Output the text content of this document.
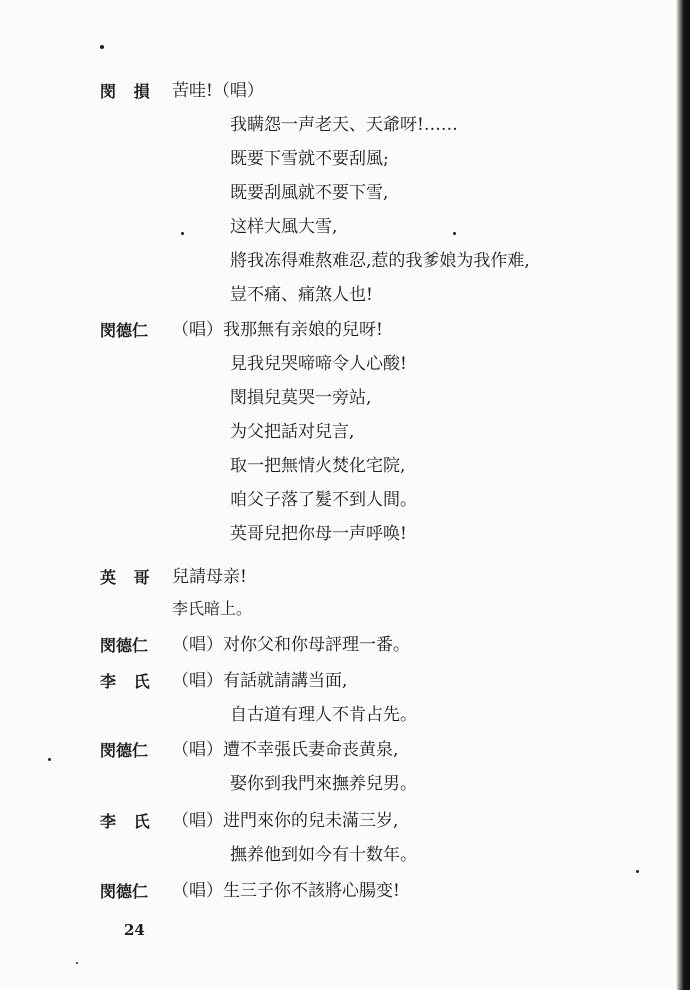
閔 損 苦哇!（唱）
我瞒怨一声老天、天爺呀!……
既要下雪就不要刮風;
既要刮風就不要下雪,
这样大風大雪,
將我冻得难熬难忍,惹的我爹娘为我作难,
豈不痛、痛煞人也!
閔德仁 （唱）我那無有亲娘的兒呀!
見我兒哭啼啼令人心酸!
閔損兒莫哭一旁站,
为父把話对兒言,
取一把無情火焚化宅院,
咱父子落了髮不到人間。
英哥兒把你母一声呼唤!
英 哥 兒請母亲!
李氏暗上。
閔德仁 （唱）对你父和你母評理一番。
李 氏 （唱）有話就請講当面,
自古道有理人不肯占先。
閔德仁 （唱）遭不幸張氏妻命丧黄泉,
娶你到我門來撫养兒男。
李 氏 （唱）进門來你的兒未滿三岁,
撫养他到如今有十数年。
閔德仁 （唱）生三子你不該將心腸变!
24
